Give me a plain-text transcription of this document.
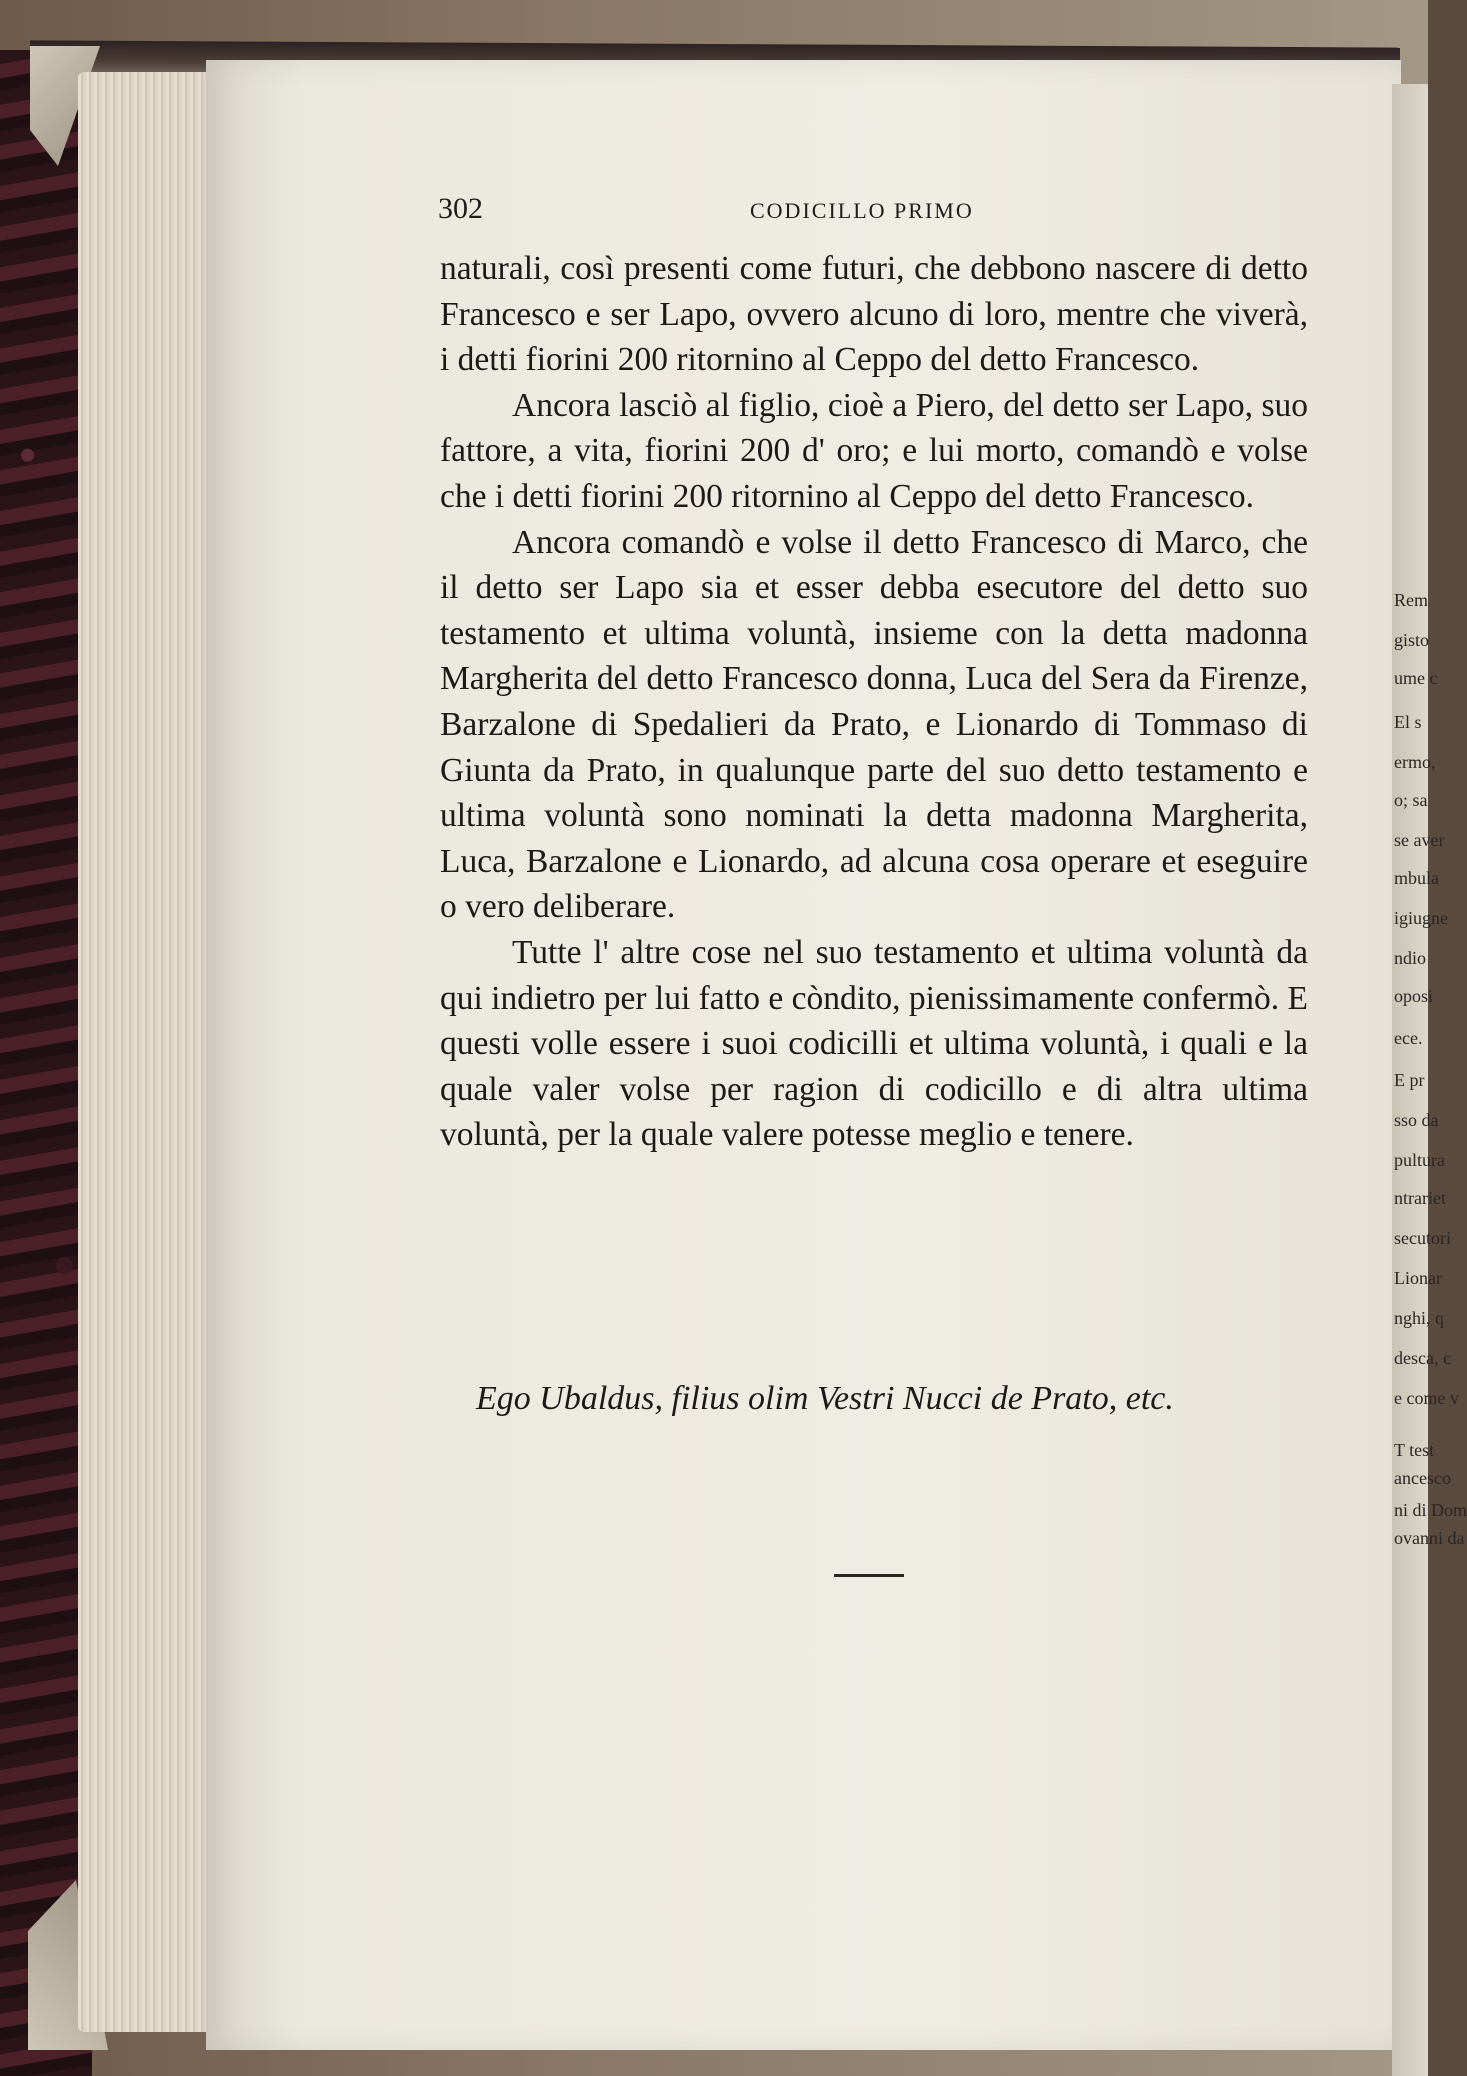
302	CODICILLO PRIMO

naturali, così presenti come futuri, che debbono nascere di detto Francesco e ser Lapo, ovvero alcuno di loro, mentre che viverà, i detti fiorini 200 ritornino al Ceppo del detto Francesco.

Ancora lasciò al figlio, cioè a Piero, del detto ser Lapo, suo fattore, a vita, fiorini 200 d' oro; e lui morto, comandò e volse che i detti fiorini 200 ritornino al Ceppo del detto Francesco.

Ancora comandò e volse il detto Francesco di Marco, che il detto ser Lapo sia et esser debba esecutore del detto suo testamento et ultima voluntà, insieme con la detta madonna Margherita del detto Francesco donna, Luca del Sera da Firenze, Barzalone di Spedalieri da Prato, e Lionardo di Tommaso di Giunta da Prato, in qualunque parte del suo detto testamento e ultima voluntà sono nominati la detta madonna Margherita, Luca, Barzalone e Lionardo, ad alcuna cosa operare et eseguire o vero deliberare.

Tutte l' altre cose nel suo testamento et ultima voluntà da qui indietro per lui fatto e còndito, pienissimamente confermò. E questi volle essere i suoi codicilli et ultima voluntà, i quali e la quale valer volse per ragion di codicillo e di altra ultima voluntà, per la quale valere potesse meglio e tenere.

Ego Ubaldus, filius olim Vestri Nucci de Prato, etc.
Rem
gisto
ume c
El s
ermo,
o; sa
se aver
mbula
igiugne
ndio
oposi
ece.
E pr
sso da
pultura
ntrariet
secutori
Lionar
nghi, q
desca, c
e come v
T test
ancesco
ni di Dom
ovanni da
